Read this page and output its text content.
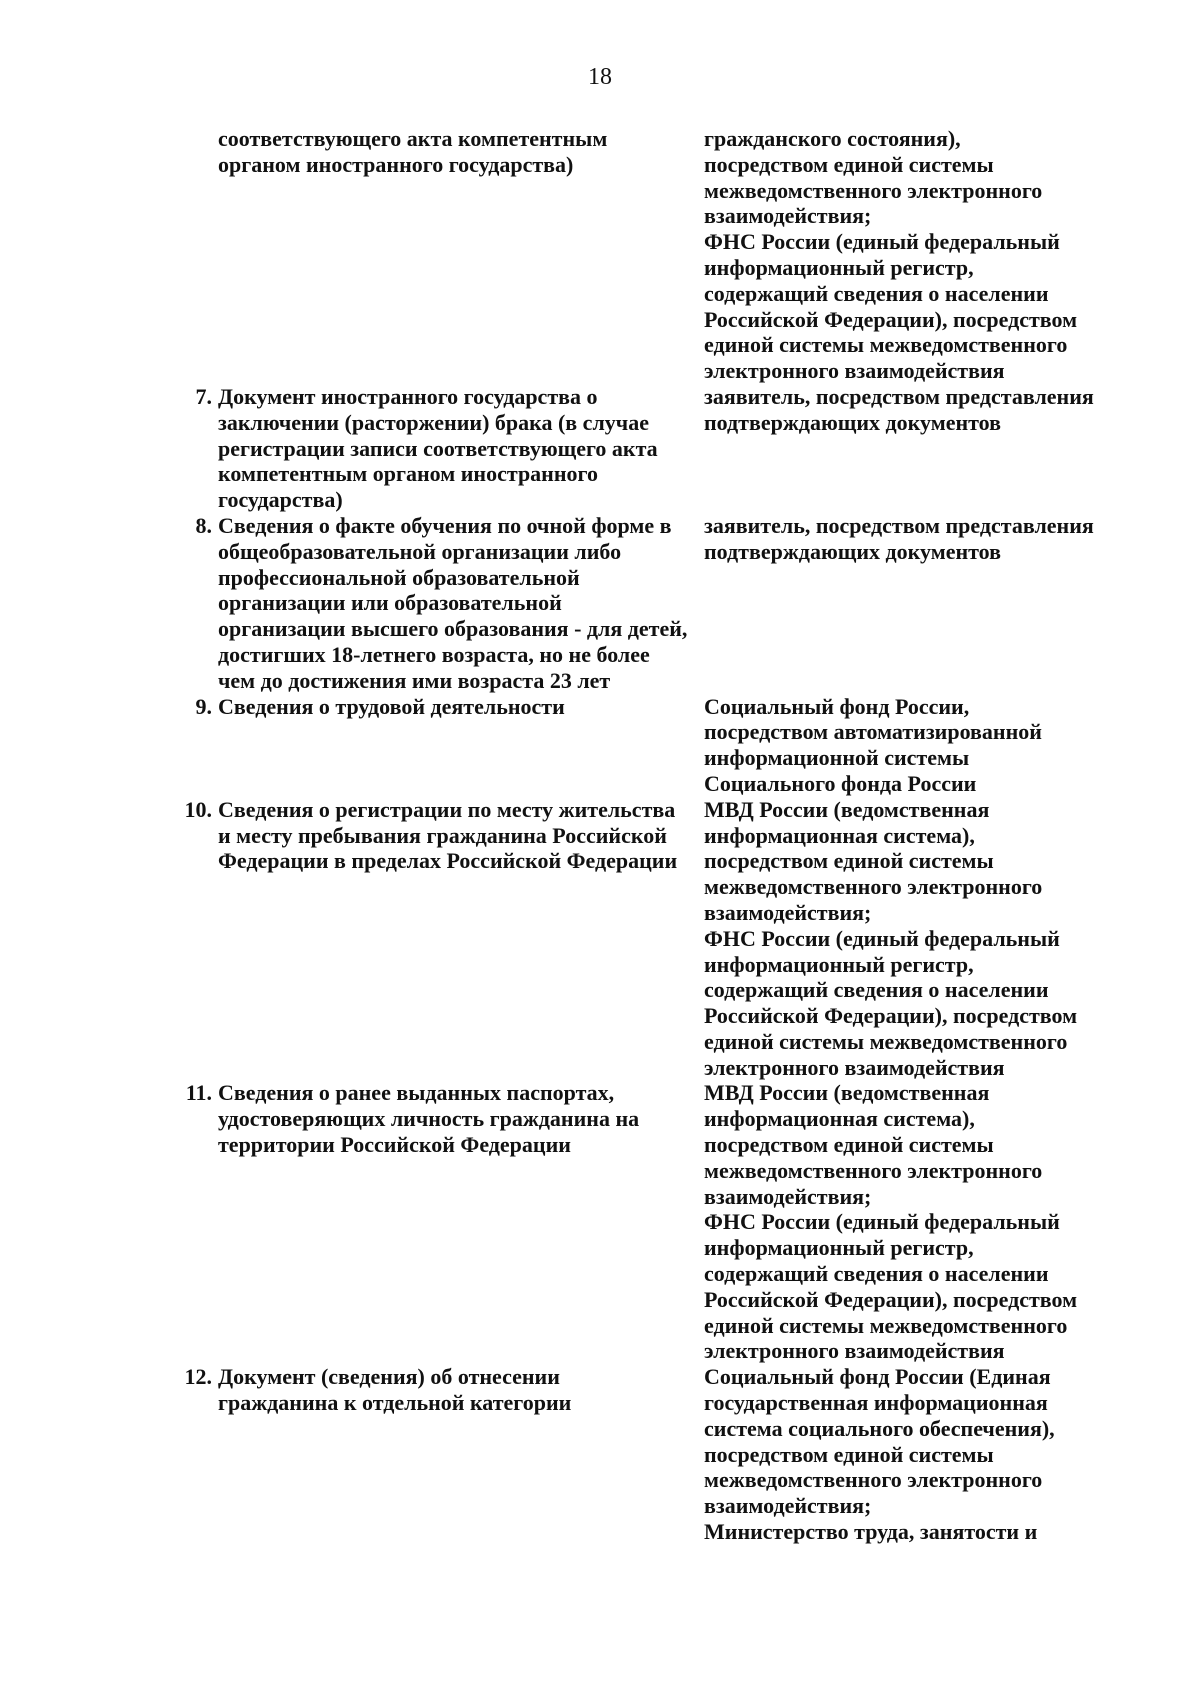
18
соответствующего акта компетентным
органом иностранного государства)
гражданского состояния),
посредством единой системы
межведомственного электронного
взаимодействия;
ФНС России (единый федеральный
информационный регистр,
содержащий сведения о населении
Российской Федерации), посредством
единой системы межведомственного
электронного взаимодействия
7. Документ иностранного государства о
заключении (расторжении) брака (в случае
регистрации записи соответствующего акта
компетентным органом иностранного
государства)
заявитель, посредством представления
подтверждающих документов
8. Сведения о факте обучения по очной форме в
общеобразовательной организации либо
профессиональной образовательной
организации или образовательной
организации высшего образования - для детей,
достигших 18-летнего возраста, но не более
чем до достижения ими возраста 23 лет
заявитель, посредством представления
подтверждающих документов
9. Сведения о трудовой деятельности	Социальный фонд России,
посредством автоматизированной
информационной системы
Социального фонда России
10. Сведения о регистрации по месту жительства
и месту пребывания гражданина Российской
Федерации в пределах Российской Федерации
МВД России (ведомственная
информационная система),
посредством единой системы
межведомственного электронного
взаимодействия;
ФНС России (единый федеральный
информационный регистр,
содержащий сведения о населении
Российской Федерации), посредством
единой системы межведомственного
электронного взаимодействия
11. Сведения о ранее выданных паспортах,
удостоверяющих личность гражданина на
территории Российской Федерации
МВД России (ведомственная
информационная система),
посредством единой системы
межведомственного электронного
взаимодействия;
ФНС России (единый федеральный
информационный регистр,
содержащий сведения о населении
Российской Федерации), посредством
единой системы межведомственного
электронного взаимодействия
12. Документ (сведения) об отнесении
гражданина к отдельной категории
Социальный фонд России (Единая
государственная информационная
система социального обеспечения),
посредством единой системы
межведомственного электронного
взаимодействия;
Министерство труда, занятости и
